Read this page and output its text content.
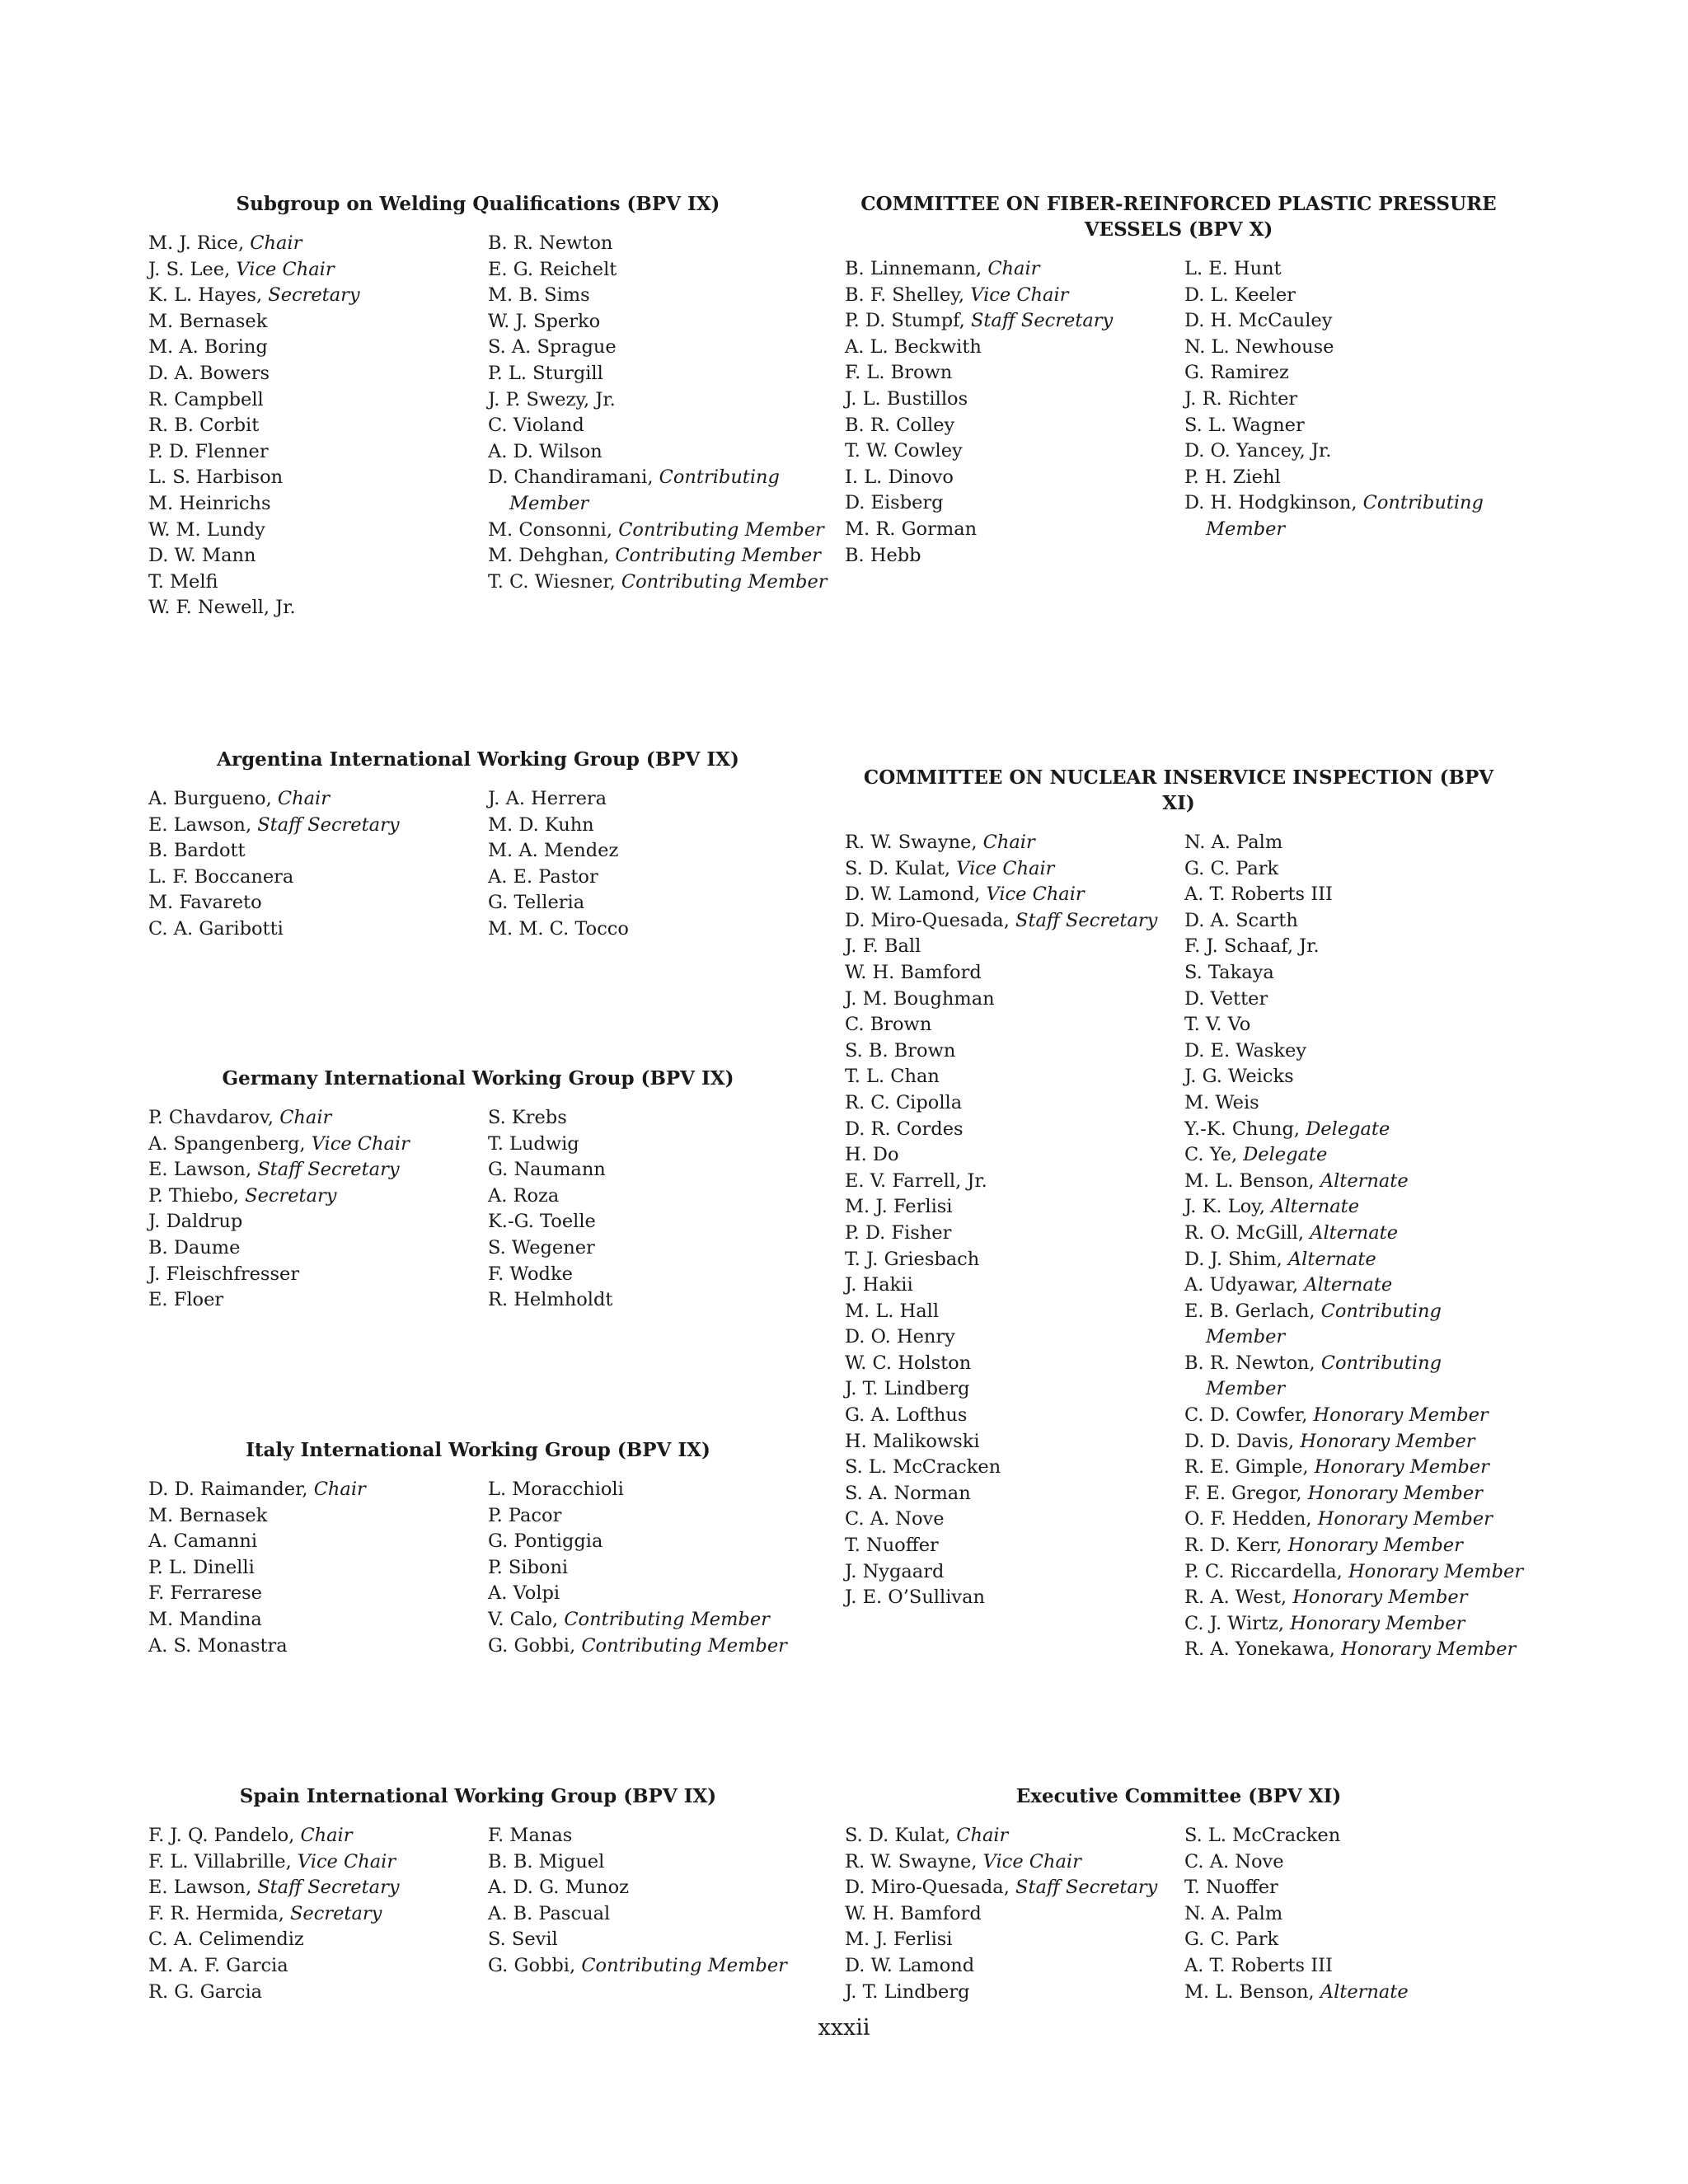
Subgroup on Welding Qualifications (BPV IX)
M. J. Rice, Chair
J. S. Lee, Vice Chair
K. L. Hayes, Secretary
M. Bernasek
M. A. Boring
D. A. Bowers
R. Campbell
R. B. Corbit
P. D. Flenner
L. S. Harbison
M. Heinrichs
W. M. Lundy
D. W. Mann
T. Melfi
W. F. Newell, Jr.
B. R. Newton
E. G. Reichelt
M. B. Sims
W. J. Sperko
S. A. Sprague
P. L. Sturgill
J. P. Swezy, Jr.
C. Violand
A. D. Wilson
D. Chandiramani, Contributing Member
M. Consonni, Contributing Member
M. Dehghan, Contributing Member
T. C. Wiesner, Contributing Member
Argentina International Working Group (BPV IX)
A. Burgueno, Chair
E. Lawson, Staff Secretary
B. Bardott
L. F. Boccanera
M. Favareto
C. A. Garibotti
J. A. Herrera
M. D. Kuhn
M. A. Mendez
A. E. Pastor
G. Telleria
M. M. C. Tocco
Germany International Working Group (BPV IX)
P. Chavdarov, Chair
A. Spangenberg, Vice Chair
E. Lawson, Staff Secretary
P. Thiebo, Secretary
J. Daldrup
B. Daume
J. Fleischfresser
E. Floer
S. Krebs
T. Ludwig
G. Naumann
A. Roza
K.-G. Toelle
S. Wegener
F. Wodke
R. Helmholdt
Italy International Working Group (BPV IX)
D. D. Raimander, Chair
M. Bernasek
A. Camanni
P. L. Dinelli
F. Ferrarese
M. Mandina
A. S. Monastra
L. Moracchioli
P. Pacor
G. Pontiggia
P. Siboni
A. Volpi
V. Calo, Contributing Member
G. Gobbi, Contributing Member
Spain International Working Group (BPV IX)
F. J. Q. Pandelo, Chair
F. L. Villabrille, Vice Chair
E. Lawson, Staff Secretary
F. R. Hermida, Secretary
C. A. Celimendiz
M. A. F. Garcia
R. G. Garcia
F. Manas
B. B. Miguel
A. D. G. Munoz
A. B. Pascual
S. Sevil
G. Gobbi, Contributing Member
COMMITTEE ON FIBER-REINFORCED PLASTIC PRESSURE VESSELS (BPV X)
B. Linnemann, Chair
B. F. Shelley, Vice Chair
P. D. Stumpf, Staff Secretary
A. L. Beckwith
F. L. Brown
J. L. Bustillos
B. R. Colley
T. W. Cowley
I. L. Dinovo
D. Eisberg
M. R. Gorman
B. Hebb
L. E. Hunt
D. L. Keeler
D. H. McCauley
N. L. Newhouse
G. Ramirez
J. R. Richter
S. L. Wagner
D. O. Yancey, Jr.
P. H. Ziehl
D. H. Hodgkinson, Contributing Member
COMMITTEE ON NUCLEAR INSERVICE INSPECTION (BPV XI)
R. W. Swayne, Chair
S. D. Kulat, Vice Chair
D. W. Lamond, Vice Chair
D. Miro-Quesada, Staff Secretary
J. F. Ball
W. H. Bamford
J. M. Boughman
C. Brown
S. B. Brown
T. L. Chan
R. C. Cipolla
D. R. Cordes
H. Do
E. V. Farrell, Jr.
M. J. Ferlisi
P. D. Fisher
T. J. Griesbach
J. Hakii
M. L. Hall
D. O. Henry
W. C. Holston
J. T. Lindberg
G. A. Lofthus
H. Malikowski
S. L. McCracken
S. A. Norman
C. A. Nove
T. Nuoffer
J. Nygaard
J. E. O’Sullivan
N. A. Palm
G. C. Park
A. T. Roberts III
D. A. Scarth
F. J. Schaaf, Jr.
S. Takaya
D. Vetter
T. V. Vo
D. E. Waskey
J. G. Weicks
M. Weis
Y.-K. Chung, Delegate
C. Ye, Delegate
M. L. Benson, Alternate
J. K. Loy, Alternate
R. O. McGill, Alternate
D. J. Shim, Alternate
A. Udyawar, Alternate
E. B. Gerlach, Contributing Member
B. R. Newton, Contributing Member
C. D. Cowfer, Honorary Member
D. D. Davis, Honorary Member
R. E. Gimple, Honorary Member
F. E. Gregor, Honorary Member
O. F. Hedden, Honorary Member
R. D. Kerr, Honorary Member
P. C. Riccardella, Honorary Member
R. A. West, Honorary Member
C. J. Wirtz, Honorary Member
R. A. Yonekawa, Honorary Member
Executive Committee (BPV XI)
S. D. Kulat, Chair
R. W. Swayne, Vice Chair
D. Miro-Quesada, Staff Secretary
W. H. Bamford
M. J. Ferlisi
D. W. Lamond
J. T. Lindberg
S. L. McCracken
C. A. Nove
T. Nuoffer
N. A. Palm
G. C. Park
A. T. Roberts III
M. L. Benson, Alternate
xxxii
